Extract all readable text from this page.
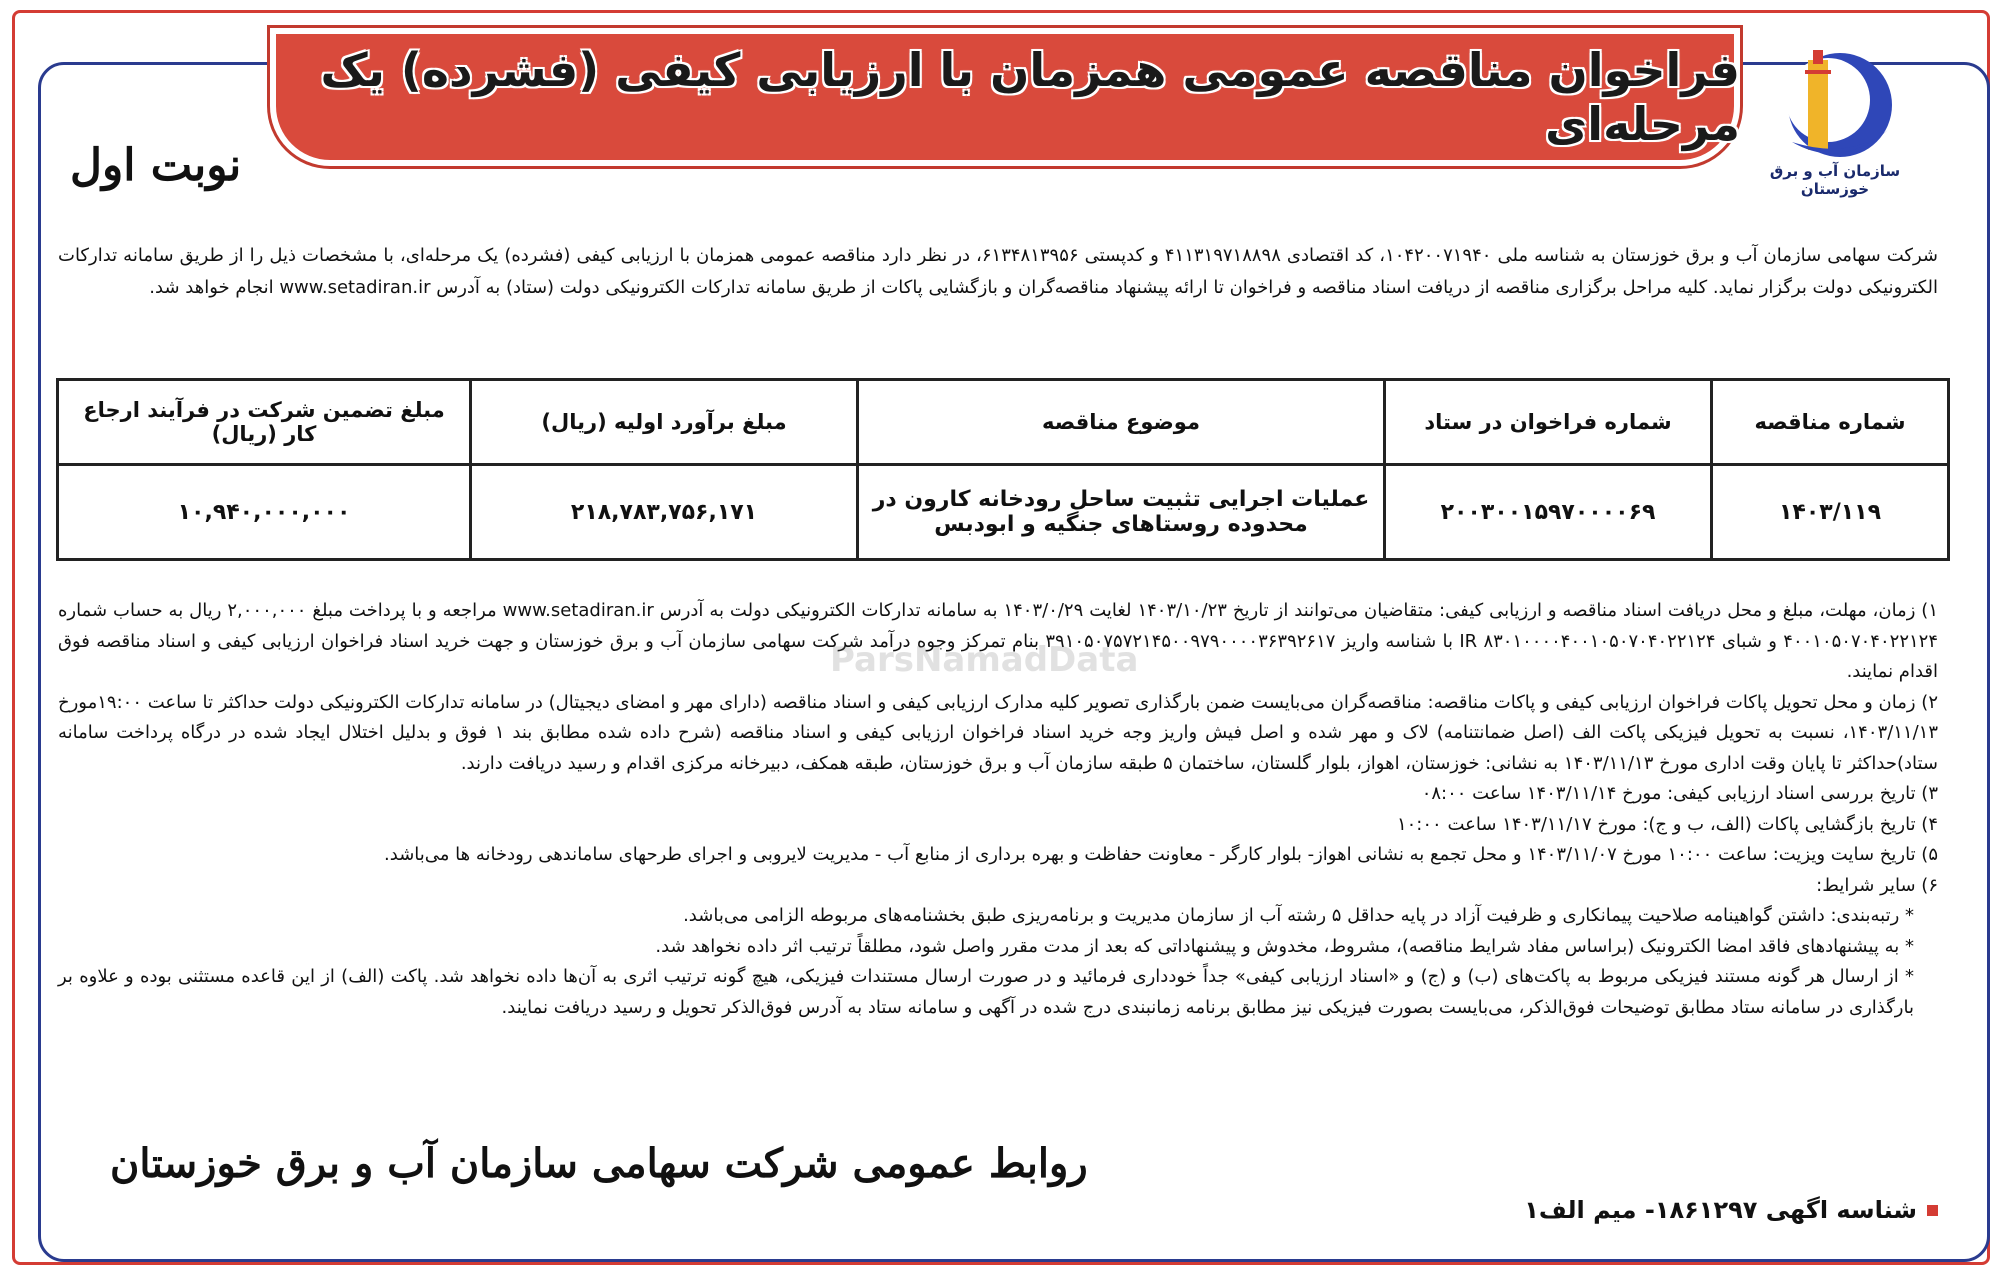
فراخوان مناقصه عمومی همزمان با ارزیابی کیفی (فشرده) یک مرحله‌ای
سازمان آب و برق خوزستان
نوبت اول
شرکت سهامی سازمان آب و برق خوزستان به شناسه ملی ۱۰۴۲۰۰۷۱۹۴۰، کد اقتصادی ۴۱۱۳۱۹۷۱۸۸۹۸ و کدپستی ۶۱۳۴۸۱۳۹۵۶، در نظر دارد مناقصه عمومی همزمان با ارزیابی کیفی (فشرده) یک مرحله‌ای، با مشخصات ذیل را از طریق سامانه تدارکات الکترونیکی دولت برگزار نماید. کلیه مراحل برگزاری مناقصه از دریافت اسناد مناقصه و فراخوان تا ارائه پیشنهاد مناقصه‌گران و بازگشایی پاکات از طریق سامانه تدارکات الکترونیکی دولت (ستاد) به آدرس www.setadiran.ir انجام خواهد شد.
شماره مناقصه	شماره فراخوان در ستاد	موضوع مناقصه	مبلغ برآورد اولیه (ریال)	مبلغ تضمین شرکت در فرآیند ارجاع کار (ریال)
۱۴۰۳/۱۱۹	۲۰۰۳۰۰۱۵۹۷۰۰۰۰۶۹	عملیات اجرایی تثبیت ساحل رودخانه کارون در محدوده روستاهای جنگیه و ابودبس	۲۱۸,۷۸۳,۷۵۶,۱۷۱	۱۰,۹۴۰,۰۰۰,۰۰۰

۱) زمان، مهلت، مبلغ و محل دریافت اسناد مناقصه و ارزیابی کیفی: متقاضیان می‌توانند از تاریخ ۱۴۰۳/۱۰/۲۳ لغایت ۱۴۰۳/۰/۲۹ به سامانه تدارکات الکترونیکی دولت به آدرس www.setadiran.ir مراجعه و با پرداخت مبلغ ۲,۰۰۰,۰۰۰ ریال به حساب شماره ۴۰۰۱۰۵۰۷۰۴۰۲۲۱۲۴ و شبای IR ۸۳۰۱۰۰۰۰۴۰۰۱۰۵۰۷۰۴۰۲۲۱۲۴ با شناسه واریز ۳۹۱۰۵۰۷۵۷۲۱۴۵۰۰۹۷۹۰۰۰۰۳۶۳۹۲۶۱۷ بنام تمرکز وجوه درآمد شرکت سهامی سازمان آب و برق خوزستان و جهت خرید اسناد فراخوان ارزیابی کیفی و اسناد مناقصه فوق اقدام نمایند.

۲) زمان و محل تحویل پاکات فراخوان ارزیابی کیفی و پاکات مناقصه: مناقصه‌گران می‌بایست ضمن بارگذاری تصویر کلیه مدارک ارزیابی کیفی و اسناد مناقصه (دارای مهر و امضای دیجیتال) در سامانه تدارکات الکترونیکی دولت حداکثر تا ساعت ۱۹:۰۰مورخ ۱۴۰۳/۱۱/۱۳، نسبت به تحویل فیزیکی پاکت الف (اصل ضمانتنامه) لاک و مهر شده و اصل فیش واریز وجه خرید اسناد فراخوان ارزیابی کیفی و اسناد مناقصه (شرح داده شده مطابق بند ۱ فوق و بدلیل اختلال ایجاد شده در درگاه پرداخت سامانه ستاد)حداکثر تا پایان وقت اداری مورخ ۱۴۰۳/۱۱/۱۳ به نشانی: خوزستان، اهواز، بلوار گلستان، ساختمان ۵ طبقه سازمان آب و برق خوزستان، طبقه همکف، دبیرخانه مرکزی اقدام و رسید دریافت دارند.

۳) تاریخ بررسی اسناد ارزیابی کیفی: مورخ ۱۴۰۳/۱۱/۱۴ ساعت ۰۸:۰۰

۴) تاریخ بازگشایی پاکات (الف، ب و ج): مورخ ۱۴۰۳/۱۱/۱۷ ساعت ۱۰:۰۰

۵) تاریخ سایت ویزیت: ساعت ۱۰:۰۰ مورخ ۱۴۰۳/۱۱/۰۷ و محل تجمع به نشانی اهواز- بلوار کارگر - معاونت حفاظت و بهره برداری از منابع آب - مدیریت لایروبی و اجرای طرحهای ساماندهی رودخانه ها می‌باشد.

۶) سایر شرایط:

* رتبه‌بندی: داشتن گواهینامه صلاحیت پیمانکاری و ظرفیت آزاد در پایه حداقل ۵ رشته آب از سازمان مدیریت و برنامه‌ریزی طبق بخشنامه‌های مربوطه الزامی می‌باشد.

* به پیشنهادهای فاقد امضا الکترونیک (براساس مفاد شرایط مناقصه)، مشروط، مخدوش و پیشنهاداتی که بعد از مدت مقرر واصل شود، مطلقاً ترتیب اثر داده نخواهد شد.

* از ارسال هر گونه مستند فیزیکی مربوط به پاکت‌های (ب) و (ج) و «اسناد ارزیابی کیفی» جداً خودداری فرمائید و در صورت ارسال مستندات فیزیکی، هیچ گونه ترتیب اثری به آن‌ها داده نخواهد شد. پاکت (الف) از این قاعده مستثنی بوده و علاوه بر بارگذاری در سامانه ستاد مطابق توضیحات فوق‌الذکر، می‌بایست بصورت فیزیکی نیز مطابق برنامه زمانبندی درج شده در آگهی و سامانه ستاد به آدرس فوق‌الذکر تحویل و رسید دریافت نمایند.

ParsNamadData
روابط عمومی شرکت سهامی سازمان آب و برق خوزستان
شناسه اگهی ۱۸۶۱۲۹۷- میم الف۱
